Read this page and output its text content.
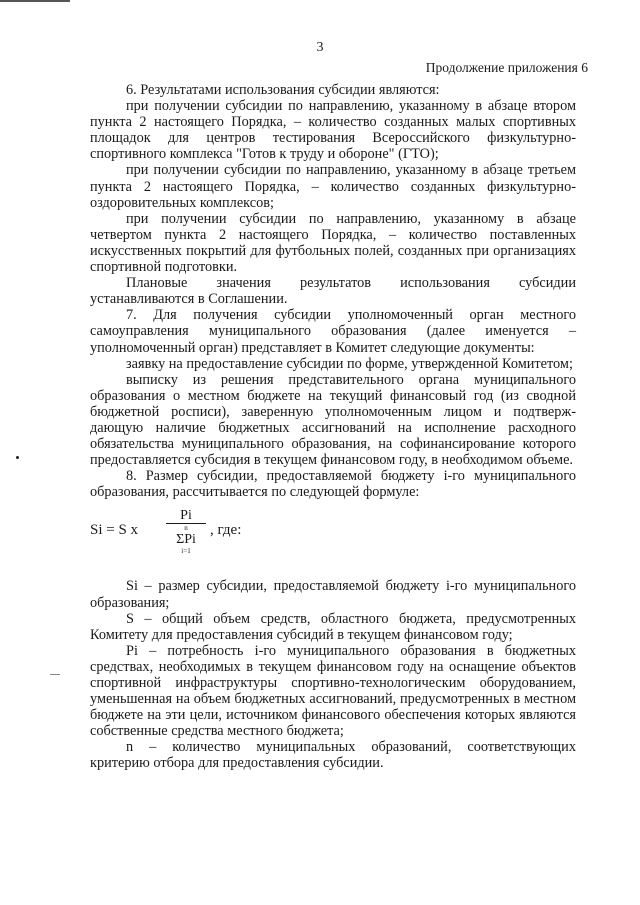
3
Продолжение приложения 6

6. Результатами использования субсидии являются:

при получении субсидии по направлению, указанному в абзаце втором пункта 2 настоящего Порядка, – количество созданных малых спортивных площадок для центров тестирования Всероссийского физкультурно-спортивного комплекса "Готов к труду и обороне" (ГТО);

при получении субсидии по направлению, указанному в абзаце третьем пункта 2 настоящего Порядка, – количество созданных физкультурно-оздоровительных комплексов;

при получении субсидии по направлению, указанному в абзаце четвертом пункта 2 настоящего Порядка, – количество поставленных искусственных покрытий для футбольных полей, созданных при организациях спортивной подготовки.

Плановые значения результатов использования субсидии устанавливаются в Соглашении.

7. Для получения субсидии уполномоченный орган местного самоуправления муниципального образования (далее именуется – уполномоченный орган) представляет в Комитет следующие документы:

заявку на предоставление субсидии по форме, утвержденной Комитетом;

выписку из решения представительного органа муниципального образования о местном бюджете на текущий финансовый год (из сводной бюджетной росписи), заверенную уполномоченным лицом и подтверж-дающую наличие бюджетных ассигнований на исполнение расходного обязательства муниципального образования, на софинансирование которого предоставляется субсидия в текущем финансовом году, в необходимом объеме.

8. Размер субсидии, предоставляемой бюджету i-го муниципального образования, рассчитывается по следующей формуле:

Si = S x
Pi
n
ΣPi
i=1
, где:

Si – размер субсидии, предоставляемой бюджету i-го муниципального образования;

S – общий объем средств, областного бюджета, предусмотренных Комитету для предоставления субсидий в текущем финансовом году;

Pi – потребность i-го муниципального образования в бюджетных средствах, необходимых в текущем финансовом году на оснащение объектов спортивной инфраструктуры спортивно-технологическим оборудованием, уменьшенная на объем бюджетных ассигнований, предусмотренных в местном бюджете на эти цели, источником финансового обеспечения которых являются собственные средства местного бюджета;

n – количество муниципальных образований, соответствующих критерию отбора для предоставления субсидии.
